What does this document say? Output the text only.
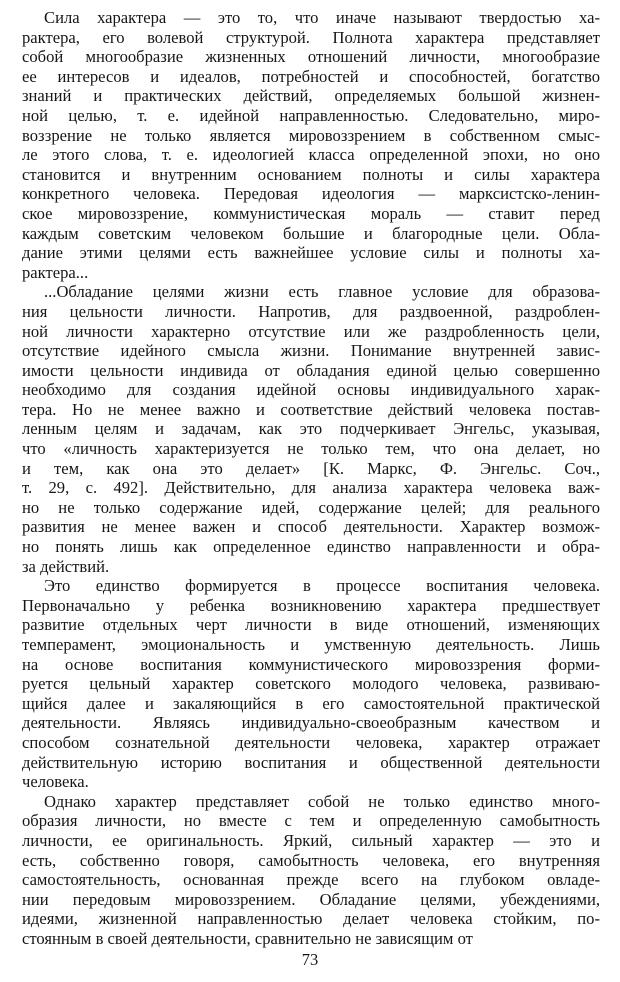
Сила характера — это то, что иначе называют твердостью ха-
рактера, его волевой структурой. Полнота характера представляет
собой многообразие жизненных отношений личности, многообразие
ее интересов и идеалов, потребностей и способностей, богатство
знаний и практических действий, определяемых большой жизнен-
ной целью, т. е. идейной направленностью. Следовательно, миро-
воззрение не только является мировоззрением в собственном смыс-
ле этого слова, т. е. идеологией класса определенной эпохи, но оно
становится и внутренним основанием полноты и силы характера
конкретного человека. Передовая идеология — марксистско-ленин-
ское мировоззрение, коммунистическая мораль — ставит перед
каждым советским человеком большие и благородные цели. Обла-
дание этими целями есть важнейшее условие силы и полноты ха-
рактера...
...Обладание целями жизни есть главное условие для образова-
ния цельности личности. Напротив, для раздвоенной, раздроблен-
ной личности характерно отсутствие или же раздробленность цели,
отсутствие идейного смысла жизни. Понимание внутренней завис-
имости цельности индивида от обладания единой целью совершенно
необходимо для создания идейной основы индивидуального харак-
тера. Но не менее важно и соответствие действий человека постав-
ленным целям и задачам, как это подчеркивает Энгельс, указывая,
что «личность характеризуется не только тем, что она делает, но
и тем, как она это делает» [К. Маркс, Ф. Энгельс. Соч.,
т. 29, с. 492]. Действительно, для анализа характера человека важ-
но не только содержание идей, содержание целей; для реального
развития не менее важен и способ деятельности. Характер возмож-
но понять лишь как определенное единство направленности и обра-
за действий.
Это единство формируется в процессе воспитания человека.
Первоначально у ребенка возникновению характера предшествует
развитие отдельных черт личности в виде отношений, изменяющих
темперамент, эмоциональность и умственную деятельность. Лишь
на основе воспитания коммунистического мировоззрения форми-
руется цельный характер советского молодого человека, развиваю-
щийся далее и закаляющийся в его самостоятельной практической
деятельности. Являясь индивидуально-своеобразным качеством и
способом сознательной деятельности человека, характер отражает
действительную историю воспитания и общественной деятельности
человека.
Однако характер представляет собой не только единство много-
образия личности, но вместе с тем и определенную самобытность
личности, ее оригинальность. Яркий, сильный характер — это и
есть, собственно говоря, самобытность человека, его внутренняя
самостоятельность, основанная прежде всего на глубоком овладе-
нии передовым мировоззрением. Обладание целями, убеждениями,
идеями, жизненной направленностью делает человека стойким, по-
стоянным в своей деятельности, сравнительно не зависящим от
73
